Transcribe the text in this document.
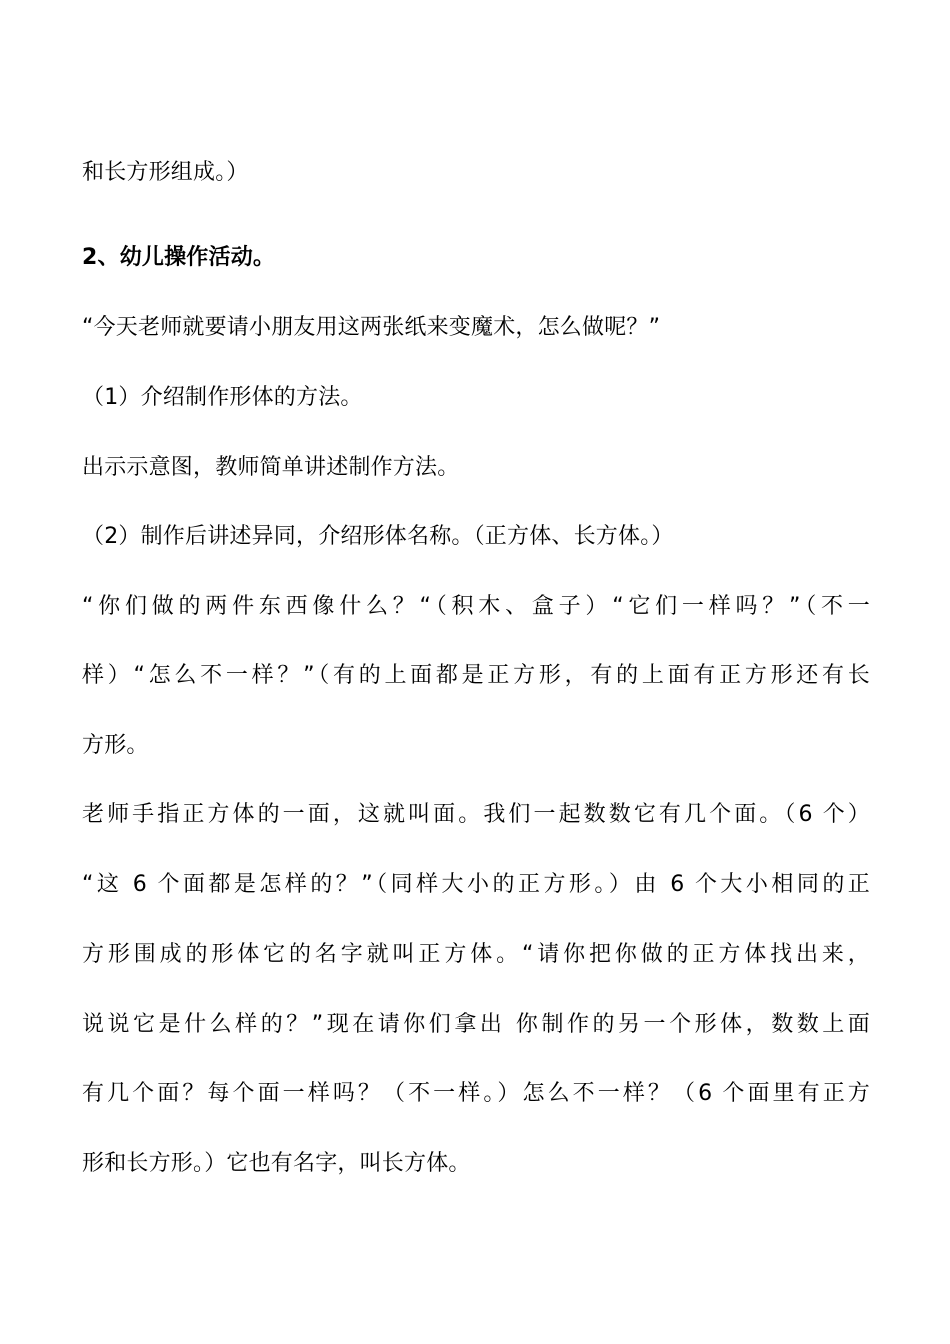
和长方形组成。）
2、幼儿操作活动。
“今天老师就要请小朋友用这两张纸来变魔术，怎么做呢？”
（1）介绍制作形体的方法。
出示示意图，教师简单讲述制作方法。
（2）制作后讲述异同，介绍形体名称。（正方体、长方体。）
“你们做的两件东西像什么？“（积木、盒子）“它们一样吗？”（不一
样）“怎么不一样？”（有的上面都是正方形，有的上面有正方形还有长
方形。
老师手指正方体的一面，这就叫面。我们一起数数它有几个面。（6 个）
“这 6 个面都是怎样的？”（同样大小的正方形。）由 6 个大小相同的正
方形围成的形体它的名字就叫正方体。“请你把你做的正方体找出来，
说说它是什么样的？”现在请你们拿出 你制作的另一个形体，数数上面
有几个面？每个面一样吗？（不一样。）怎么不一样？（6 个面里有正方
形和长方形。）它也有名字，叫长方体。
